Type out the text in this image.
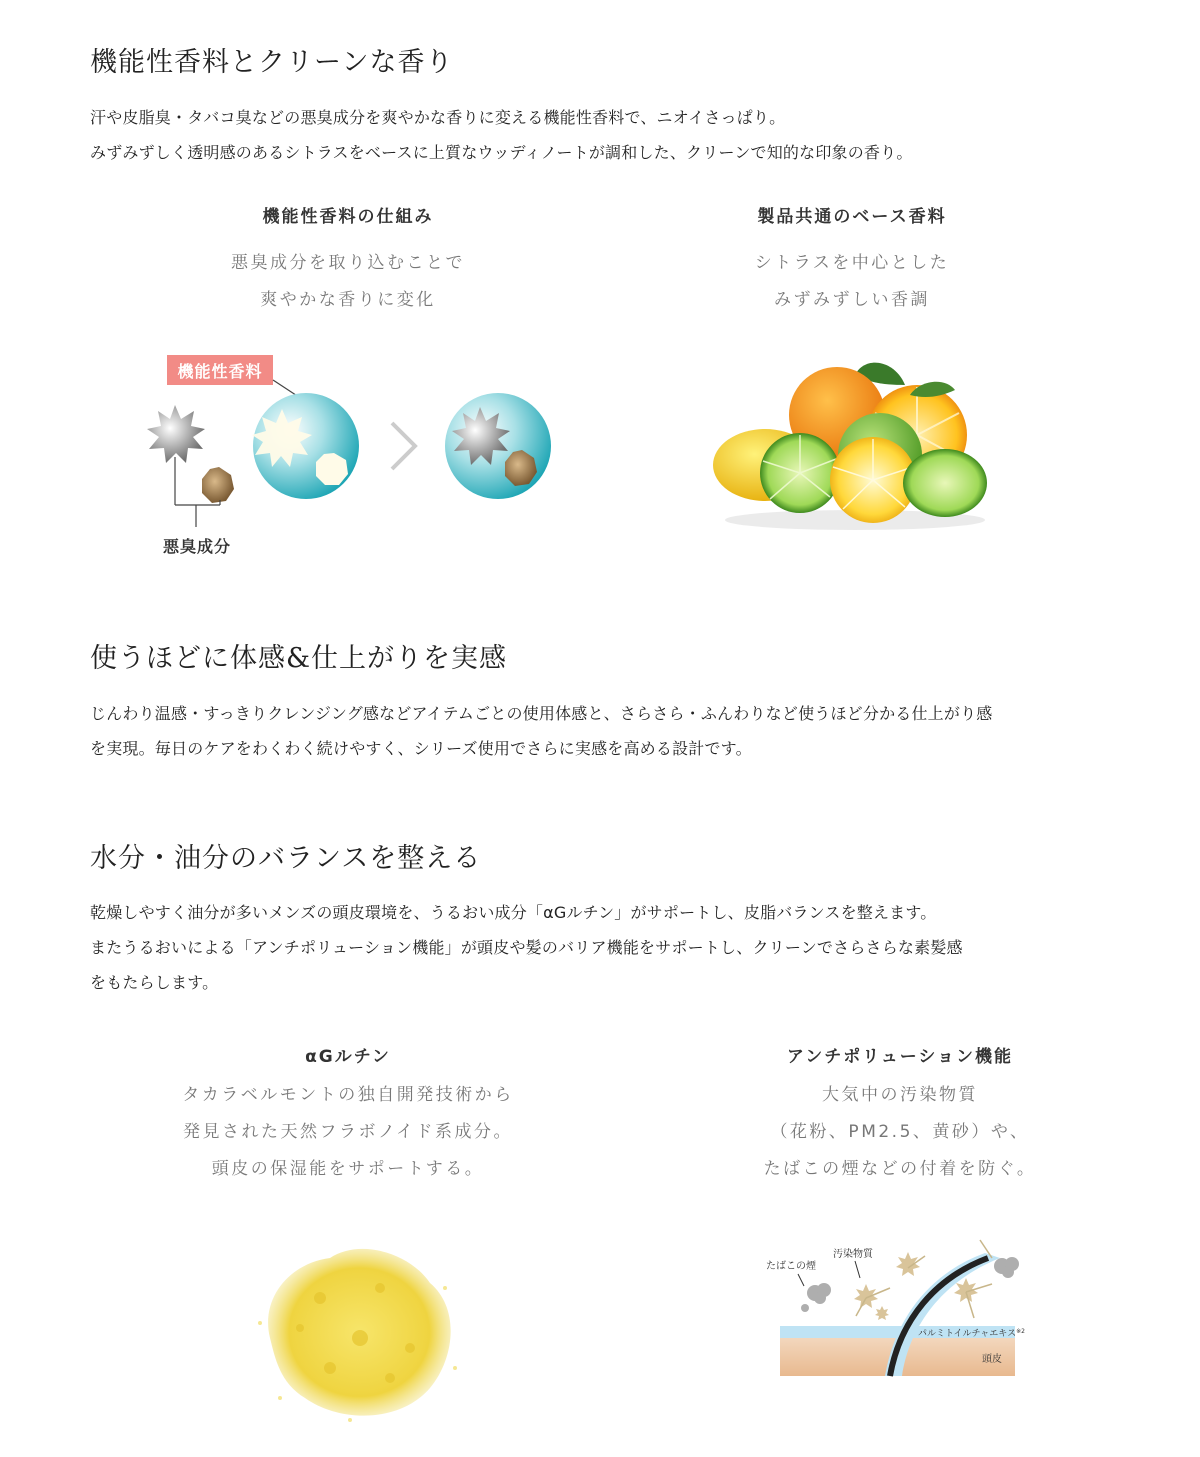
機能性香料とクリーンな香り

汗や皮脂臭・タバコ臭などの悪臭成分を爽やかな香りに変える機能性香料で、ニオイさっぱり。
みずみずしく透明感のあるシトラスをベースに上質なウッディノートが調和した、クリーンで知的な印象の香り。

機能性香料の仕組み

悪臭成分を取り込むことで
爽やかな香りに変化

製品共通のベース香料

シトラスを中心とした
みずみずしい香調

機能性香料
悪臭成分
使うほどに体感&仕上がりを実感

じんわり温感・すっきりクレンジング感などアイテムごとの使用体感と、さらさら・ふんわりなど使うほど分かる仕上がり感
を実現。毎日のケアをわくわく続けやすく、シリーズ使用でさらに実感を高める設計です。

水分・油分のバランスを整える

乾燥しやすく油分が多いメンズの頭皮環境を、うるおい成分「αGルチン」がサポートし、皮脂バランスを整えます。
またうるおいによる「アンチポリューション機能」が頭皮や髪のバリア機能をサポートし、クリーンでさらさらな素髪感
をもたらします。

αGルチン

タカラベルモントの独自開発技術から
発見された天然フラボノイド系成分。
頭皮の保湿能をサポートする。

アンチポリューション機能

大気中の汚染物質
（花粉、PM2.5、黄砂）や、
たばこの煙などの付着を防ぐ。

パルミトイルチャエキス$^{※2}$
頭皮
たばこの煙
汚染物質
